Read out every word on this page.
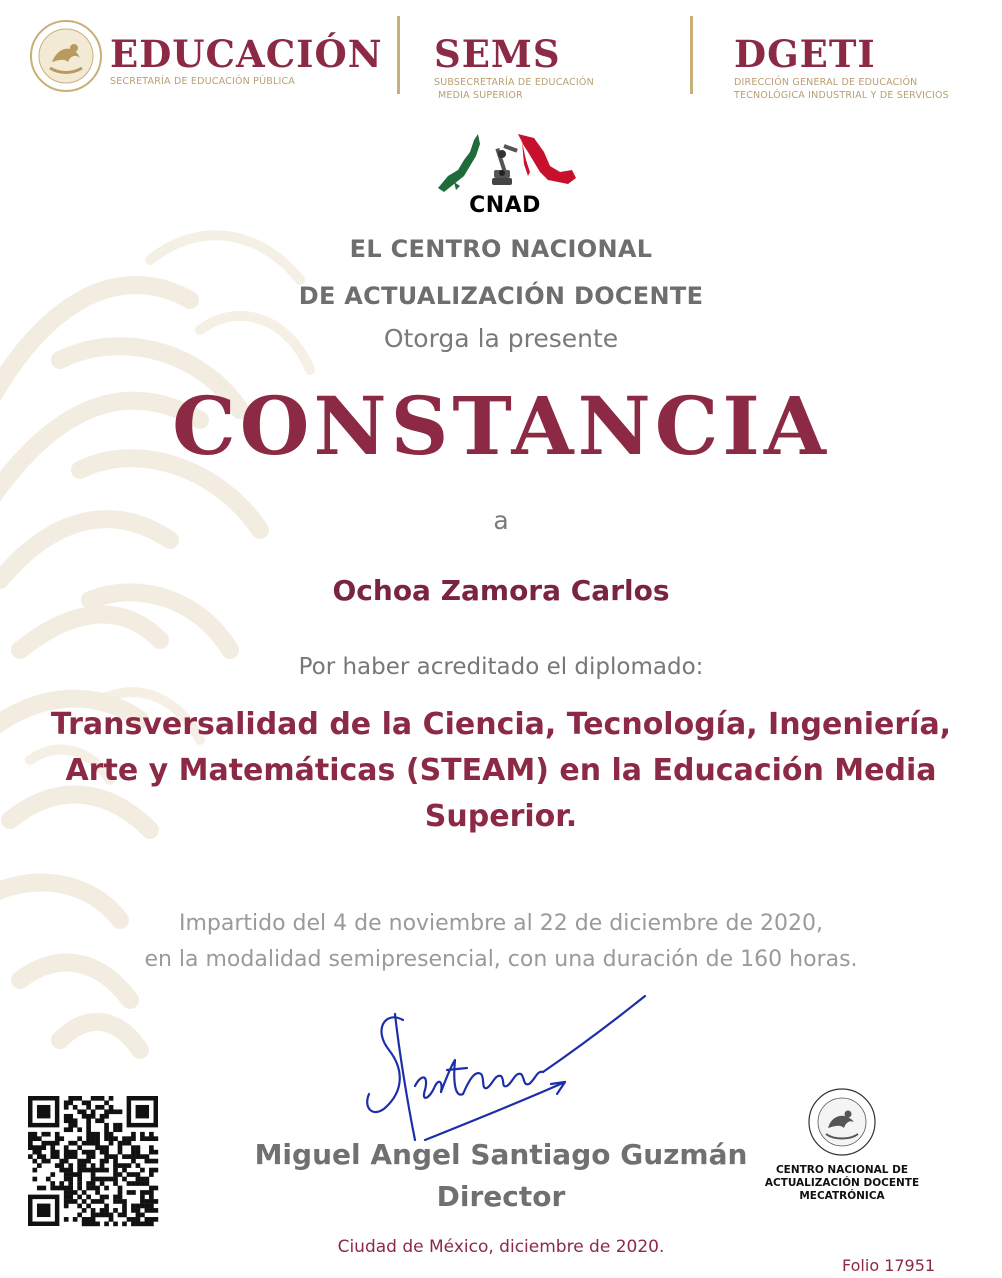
EDUCACIÓN
SECRETARÍA DE EDUCACIÓN PÚBLICA
SEMS
SUBSECRETARÍA DE EDUCACIÓN
MEDIA SUPERIOR
DGETI
DIRECCIÓN GENERAL DE EDUCACIÓN
TECNOLÓGICA INDUSTRIAL Y DE SERVICIOS
CNAD
EL CENTRO NACIONAL
DE ACTUALIZACIÓN DOCENTE
Otorga la presente
CONSTANCIA
a
Ochoa Zamora Carlos
Por haber acreditado el diplomado:
Transversalidad de la Ciencia, Tecnología, Ingeniería,
Arte y Matemáticas (STEAM) en la Educación Media
Superior.
Impartido del 4 de noviembre al 22 de diciembre de 2020,
en la modalidad semipresencial, con una duración de 160 horas.
Miguel Angel Santiago Guzmán
Director
Ciudad de México, diciembre de 2020.
CENTRO NACIONAL DE
ACTUALIZACIÓN DOCENTE
MECATRÓNICA
Folio 17951
